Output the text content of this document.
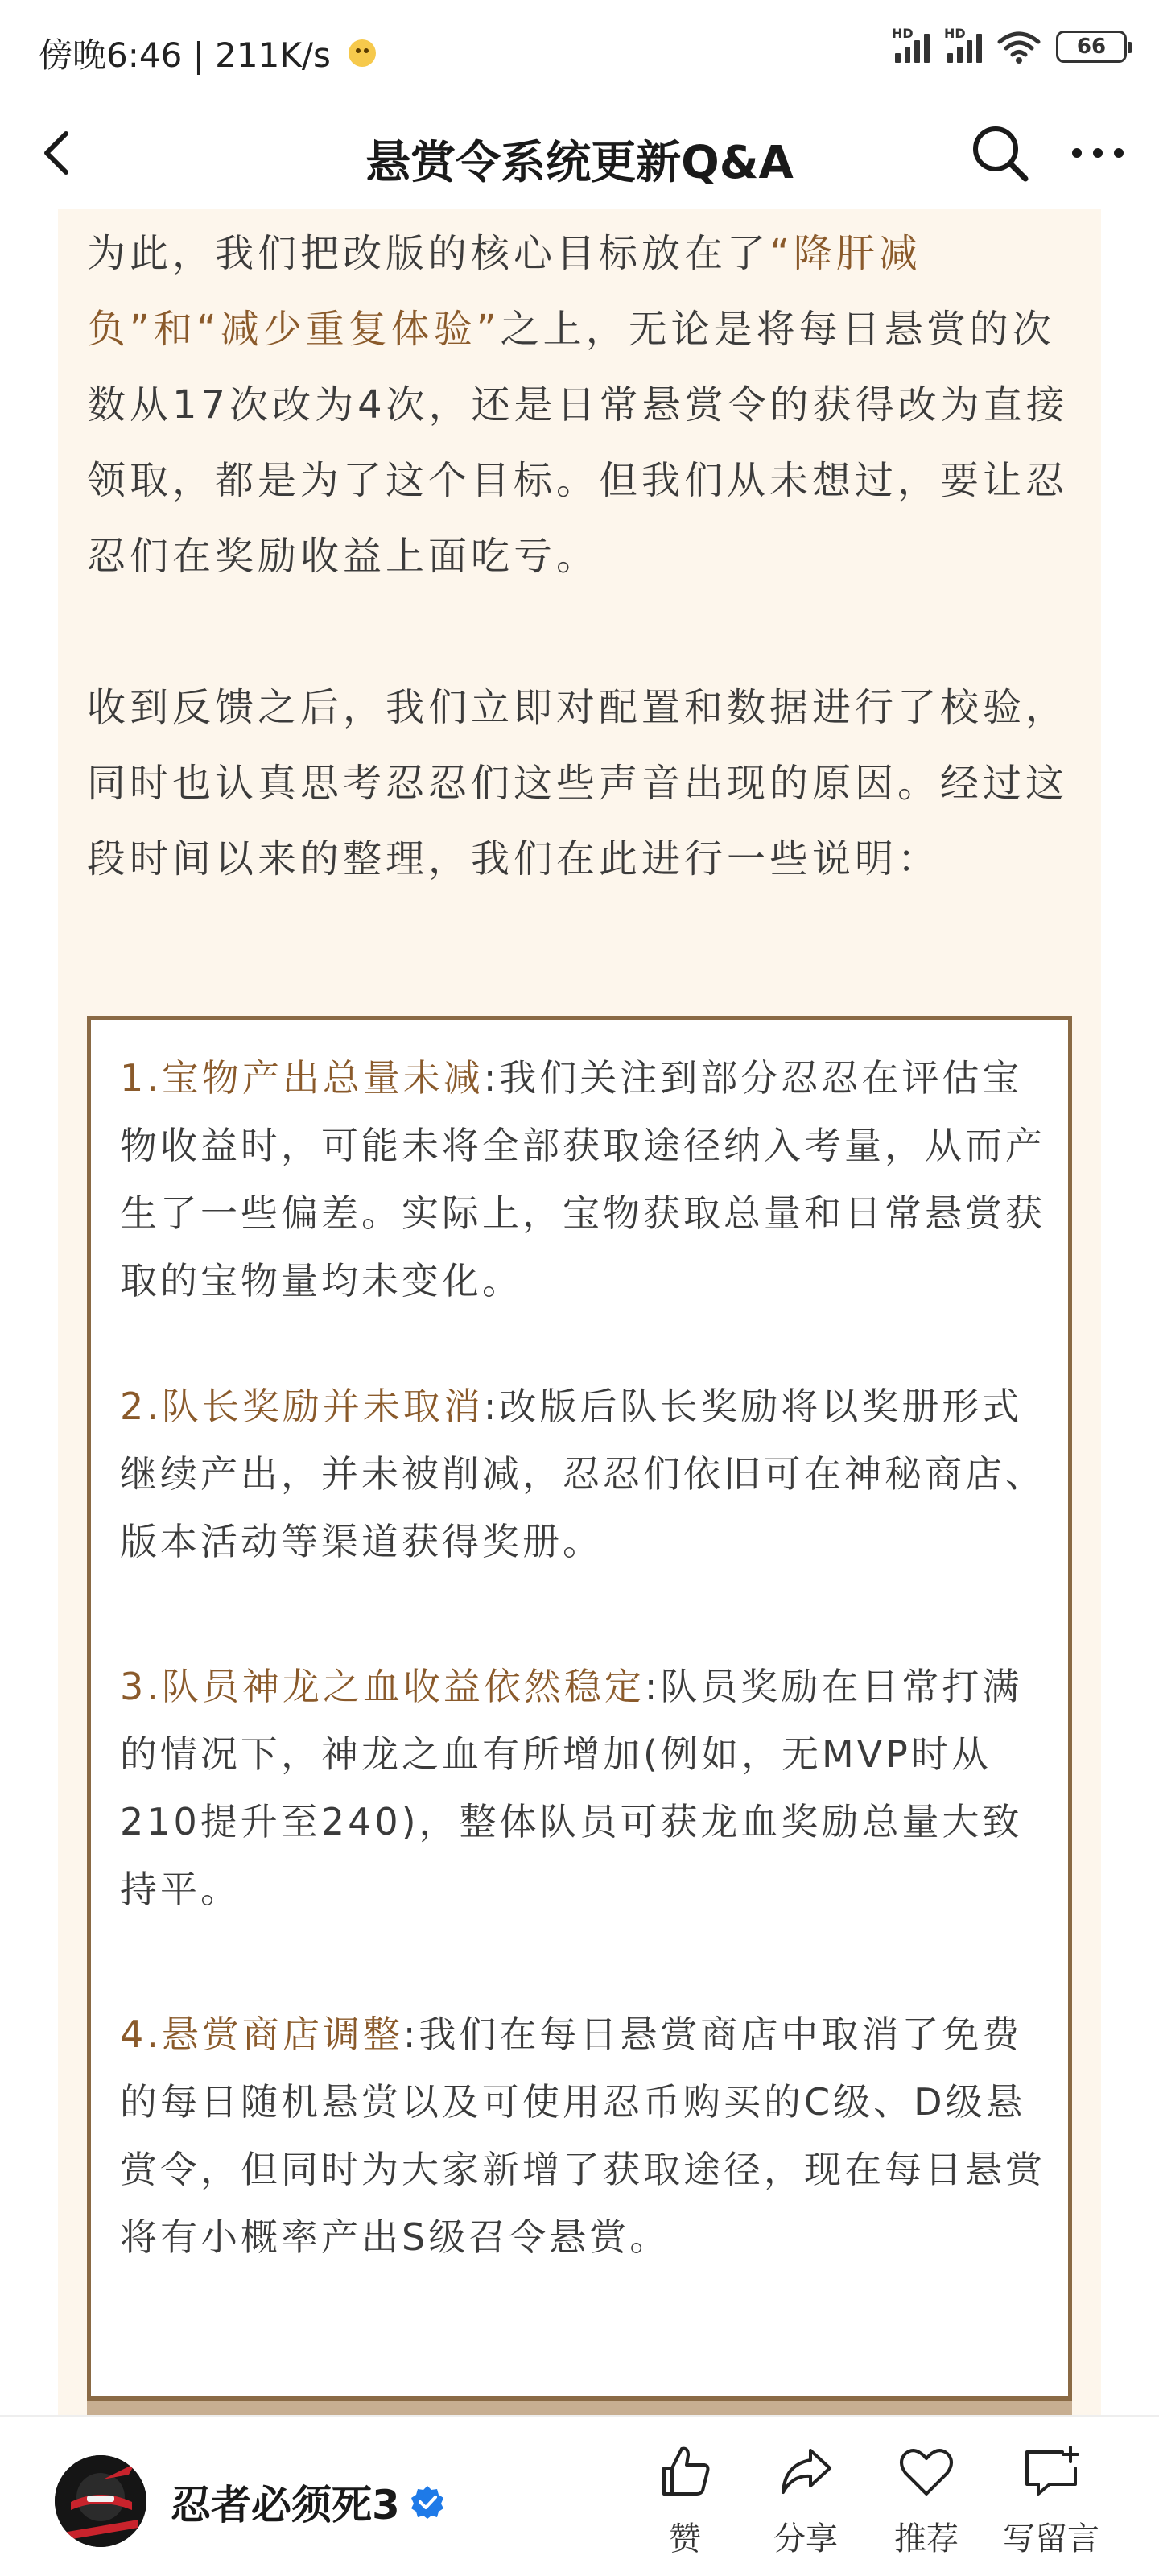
傍晚6:46 | 211K/s
HD HD
66
悬赏令系统更新Q&A
为此，我们把改版的核心目标放在了“降肝减负”和“减少重复体验”之上，无论是将每日悬赏的次数从17次改为4次，还是日常悬赏令的获得改为直接领取，都是为了这个目标。但我们从未想过，要让忍忍们在奖励收益上面吃亏。
收到反馈之后，我们立即对配置和数据进行了校验，同时也认真思考忍忍们这些声音出现的原因。经过这段时间以来的整理，我们在此进行一些说明：
1.宝物产出总量未减:我们关注到部分忍忍在评估宝物收益时，可能未将全部获取途径纳入考量，从而产生了一些偏差。实际上，宝物获取总量和日常悬赏获取的宝物量均未变化。
2.队长奖励并未取消:改版后队长奖励将以奖册形式继续产出，并未被削减，忍忍们依旧可在神秘商店、版本活动等渠道获得奖册。
3.队员神龙之血收益依然稳定:队员奖励在日常打满的情况下，神龙之血有所增加(例如，无MVP时从210提升至240)，整体队员可获龙血奖励总量大致持平。
4.悬赏商店调整:我们在每日悬赏商店中取消了免费的每日随机悬赏以及可使用忍币购买的C级、D级悬赏令，但同时为大家新增了获取途径，现在每日悬赏将有小概率产出S级召令悬赏。
忍者必须死3
赞	分享	推荐	写留言
